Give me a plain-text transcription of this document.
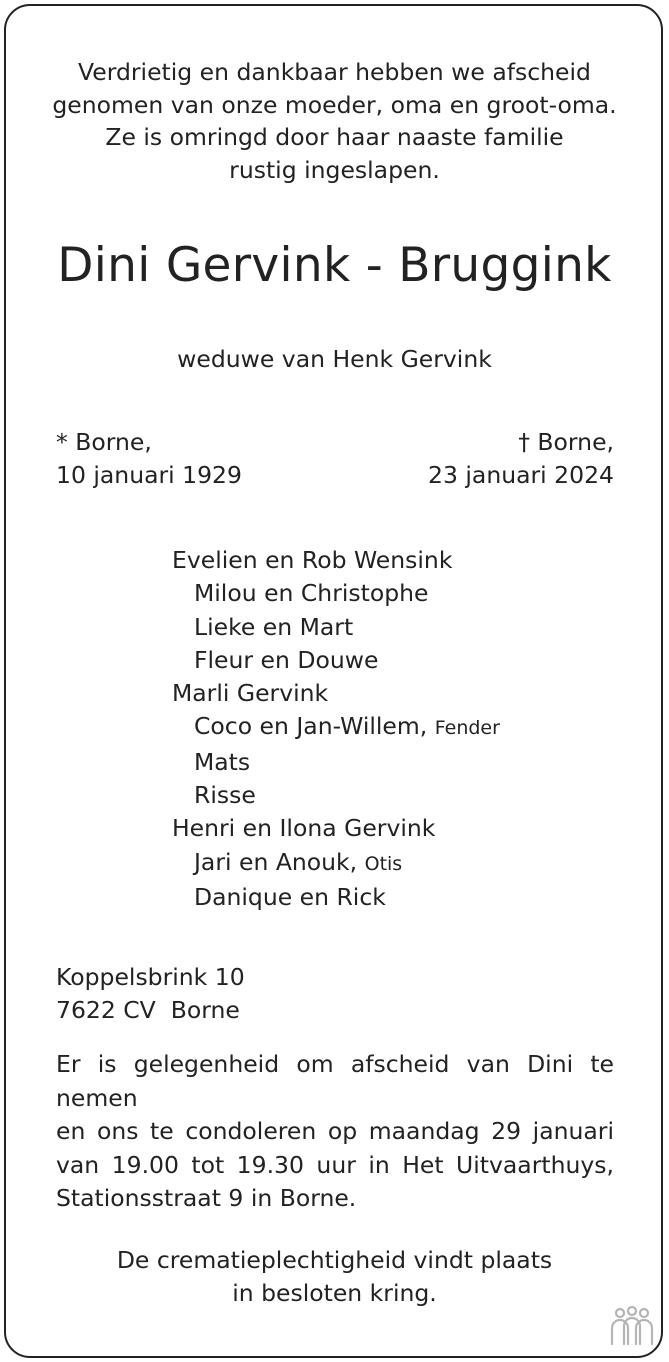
Verdrietig en dankbaar hebben we afscheid
genomen van onze moeder, oma en groot-oma.
Ze is omringd door haar naaste familie
rustig ingeslapen.
Dini Gervink - Bruggink
weduwe van Henk Gervink
* Borne,
10 januari 1929
† Borne,
23 januari 2024
Evelien en Rob Wensink
Milou en Christophe
Lieke en Mart
Fleur en Douwe
Marli Gervink
Coco en Jan-Willem, Fender
Mats
Risse
Henri en Ilona Gervink
Jari en Anouk, Otis
Danique en Rick
Koppelsbrink 10
7622 CV  Borne
Er is gelegenheid om afscheid van Dini te nemen
en ons te condoleren op maandag 29 januari
van 19.00 tot 19.30 uur in Het Uitvaarthuys,
Stationsstraat 9 in Borne.
De crematieplechtigheid vindt plaats
in besloten kring.
